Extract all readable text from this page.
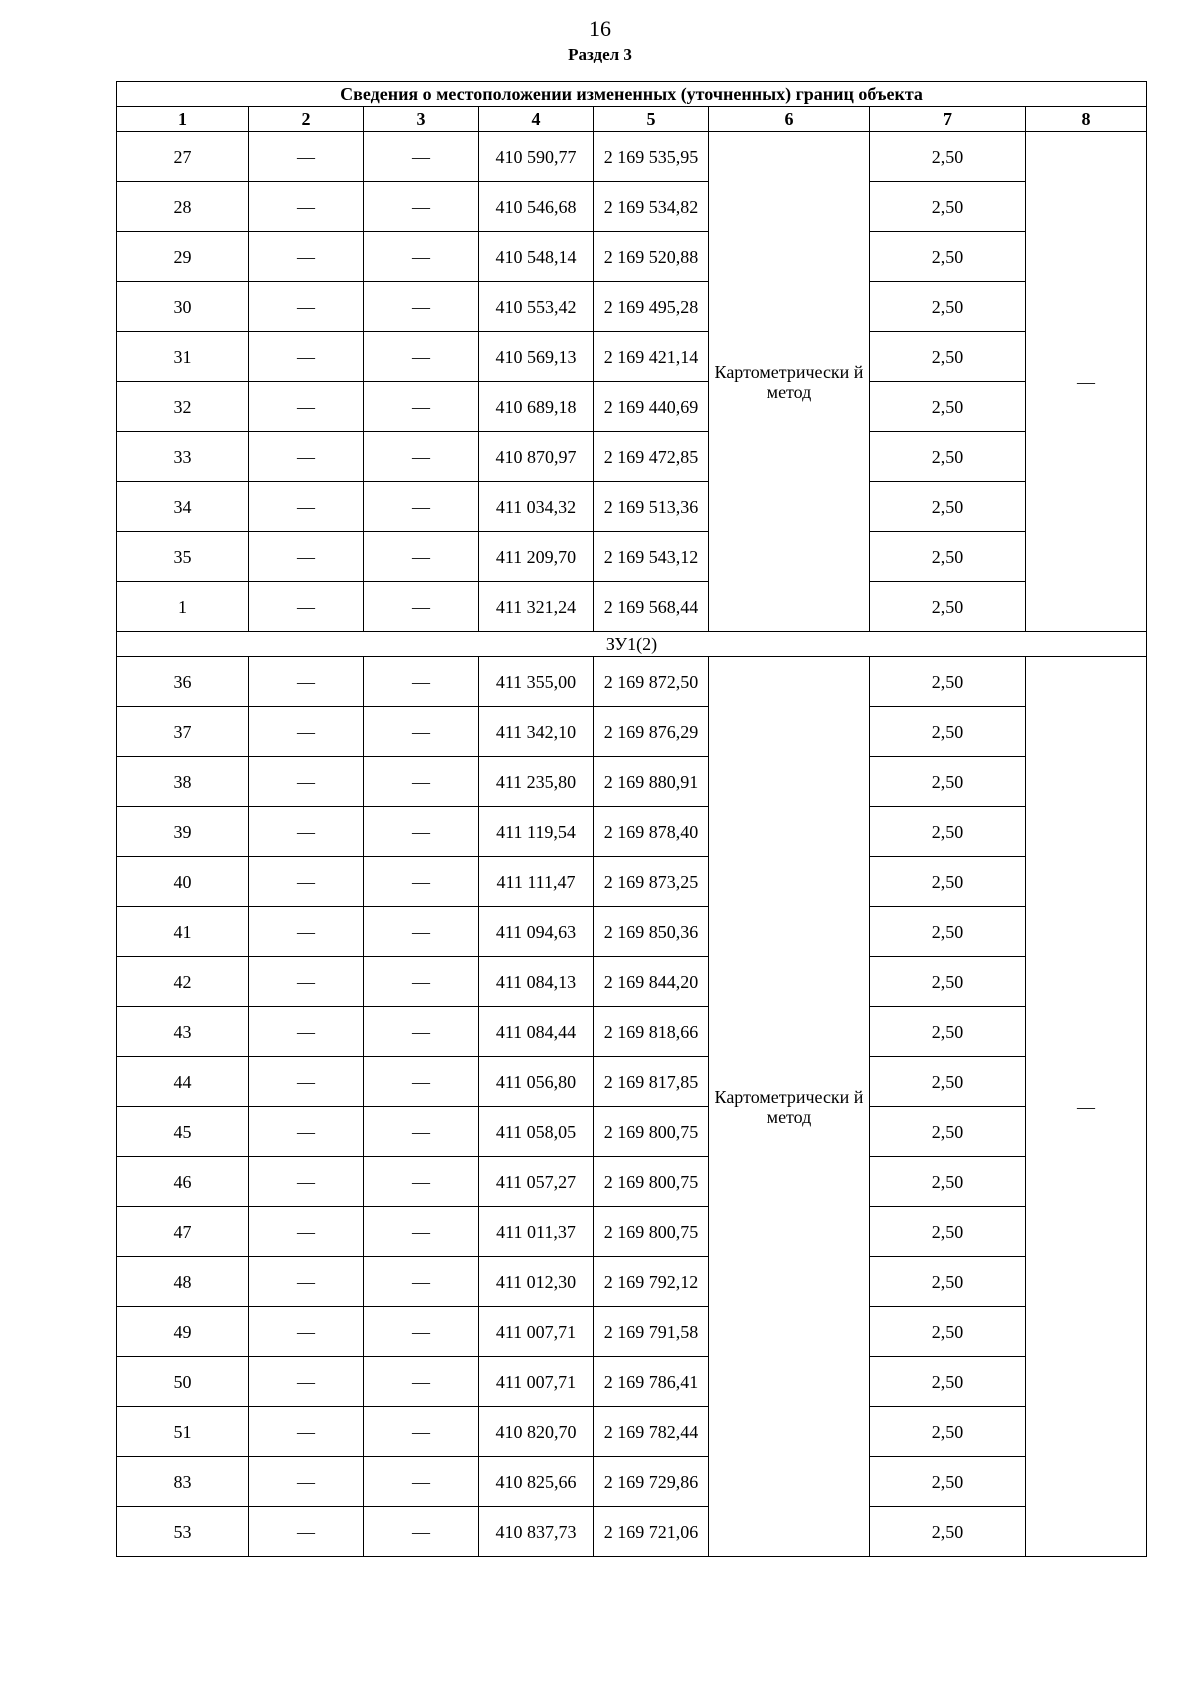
16
Раздел 3
Сведения о местоположении измененных (уточненных) границ объекта							
1	2	3	4	5	6	7	8
27	—	—	410 590,77	2 169 535,95	Картометрически й метод	2,50	—
28	—	—	410 546,68	2 169 534,82		2,50	
29	—	—	410 548,14	2 169 520,88		2,50	
30	—	—	410 553,42	2 169 495,28		2,50	
31	—	—	410 569,13	2 169 421,14		2,50	
32	—	—	410 689,18	2 169 440,69		2,50	
33	—	—	410 870,97	2 169 472,85		2,50	
34	—	—	411 034,32	2 169 513,36		2,50	
35	—	—	411 209,70	2 169 543,12		2,50	
1	—	—	411 321,24	2 169 568,44		2,50	
ЗУ1(2)							
36	—	—	411 355,00	2 169 872,50	Картометрически й метод	2,50	—
37	—	—	411 342,10	2 169 876,29		2,50	
38	—	—	411 235,80	2 169 880,91		2,50	
39	—	—	411 119,54	2 169 878,40		2,50	
40	—	—	411 111,47	2 169 873,25		2,50	
41	—	—	411 094,63	2 169 850,36		2,50	
42	—	—	411 084,13	2 169 844,20		2,50	
43	—	—	411 084,44	2 169 818,66		2,50	
44	—	—	411 056,80	2 169 817,85		2,50	
45	—	—	411 058,05	2 169 800,75		2,50	
46	—	—	411 057,27	2 169 800,75		2,50	
47	—	—	411 011,37	2 169 800,75		2,50	
48	—	—	411 012,30	2 169 792,12		2,50	
49	—	—	411 007,71	2 169 791,58		2,50	
50	—	—	411 007,71	2 169 786,41		2,50	
51	—	—	410 820,70	2 169 782,44		2,50	
83	—	—	410 825,66	2 169 729,86		2,50	
53	—	—	410 837,73	2 169 721,06		2,50	
